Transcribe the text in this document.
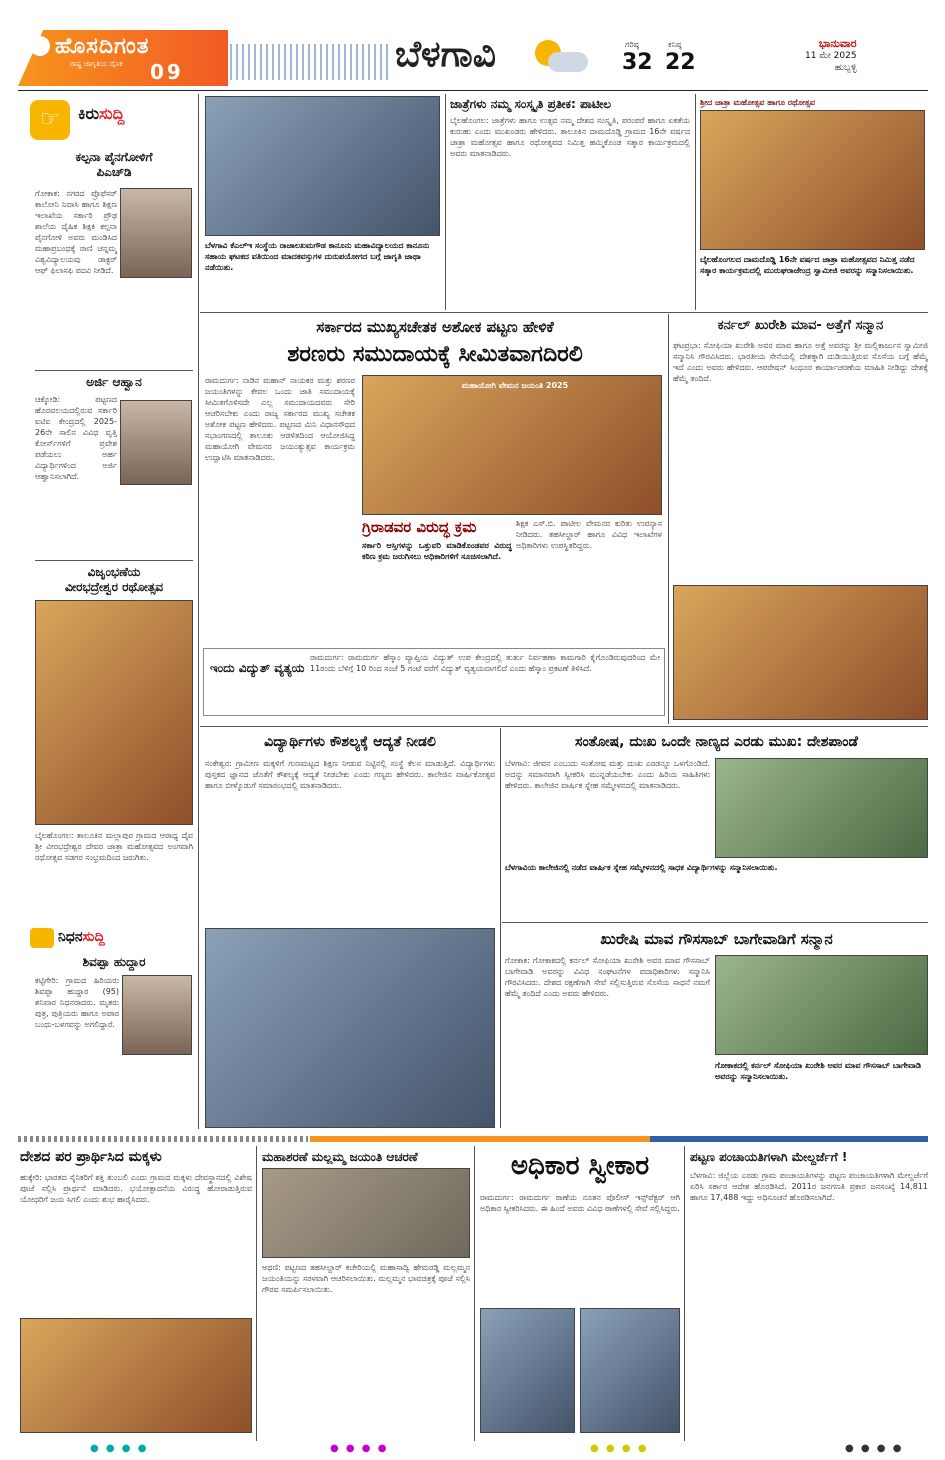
ಹೊಸದಿಗಂತ
ರಾಷ್ಟ್ರ ಜಾಗೃತಿಯ ದೈನಿಕ 09	ಬೆಳಗಾವಿ	ಗರಿಷ್ಠ
32
ಕನಿಷ್ಠ
22
ಭಾನುವಾರ
11 ಮೇ 2025
ಹುಬ್ಬಳ್ಳಿ
☞	ಕಿರುಸುದ್ದಿ
ಕಲ್ಪನಾ ಪೈನಗೋಳಿಗೆ
ಪಿಎಚ್‌ಡಿ
ಗೋಕಾಕ: ನಗರದ ಪ್ರೊಫೆಸರ್ ಕಾಲೋನಿ ನಿವಾಸಿ ಹಾಗೂ ಶಿಕ್ಷಣ ಇಲಾಖೆಯ ಸರ್ಕಾರಿ ಪ್ರೌಢ ಶಾಲೆಯ ದೈಹಿಕ ಶಿಕ್ಷಕಿ ಕಲ್ಪನಾ ಪೈನಗೋಳಿ ಅವರು ಮಂಡಿಸಿದ ಮಹಾಪ್ರಬಂಧಕ್ಕೆ ರಾಣಿ ಚನ್ನಮ್ಮ ವಿಶ್ವವಿದ್ಯಾಲಯವು ಡಾಕ್ಟರ್ ಆಫ್ ಫಿಲಾಸಫಿ ಪದವಿ ನೀಡಿದೆ.
ಅರ್ಜಿ ಆಹ್ವಾನ
ಚಿಕ್ಕೋಡಿ: ಪಟ್ಟಣದ ಹೊರವಲಯದಲ್ಲಿರುವ ಸರ್ಕಾರಿ ಐಟಿಐ ಕೇಂದ್ರದಲ್ಲಿ 2025-26ನೇ ಸಾಲಿನ ವಿವಿಧ ವೃತ್ತಿ ಕೋರ್ಸ್‌ಗಳಿಗೆ ಪ್ರವೇಶ ಪಡೆಯಲು ಅರ್ಹ ವಿದ್ಯಾರ್ಥಿಗಳಿಂದ ಅರ್ಜಿ ಆಹ್ವಾನಿಸಲಾಗಿದೆ.
ವಿಜೃಂಭಣೆಯ
ವೀರಭದ್ರೇಶ್ವರ ರಥೋತ್ಸವ
ಬೈಲಹೊಂಗಲ: ತಾಲೂಕಿನ ಮಲ್ಲಾಪುರ ಗ್ರಾಮದ ಆರಾಧ್ಯ ದೈವ ಶ್ರೀ ವೀರಭದ್ರೇಶ್ವರ ದೇವರ ಜಾತ್ರಾ ಮಹೋತ್ಸವದ ಅಂಗವಾಗಿ ರಥೋತ್ಸವ ಸಡಗರ ಸಂಭ್ರಮದಿಂದ ಜರುಗಿತು.
ನಿಧನಸುದ್ದಿ
ಶಿವಪ್ಪಾ ಹುದ್ದಾರ
ಕಟ್ಟಿಗೇರಿ: ಗ್ರಾಮದ ಹಿರಿಯರು ಶಿವಪ್ಪಾ ಹುದ್ದಾರ (95) ಶನಿವಾರ ನಿಧನರಾದರು. ಮೃತರು ಪುತ್ರ, ಪುತ್ರಿಯರು ಹಾಗೂ ಅಪಾರ ಬಂಧು-ಬಳಗವನ್ನು ಅಗಲಿದ್ದಾರೆ.
ಬೆಳಗಾವಿ ಕೆಎಲ್‌ಇ ಸಂಸ್ಥೆಯ ರಾಜಾಲಖಮಗೌಡ ಕಾನೂನು ಮಹಾವಿದ್ಯಾಲಯದ ಕಾನೂನು ಸಹಾಯ ಘಟಕದ ವತಿಯಿಂದ ಮಾದಕವಸ್ತುಗಳ ದುರುಪಯೋಗದ ಬಗ್ಗೆ ಜಾಗೃತಿ ಜಾಥಾ ನಡೆಯಿತು.
ಜಾತ್ರೆಗಳು ನಮ್ಮ ಸಂಸ್ಕೃತಿ ಪ್ರತೀಕ: ಪಾಟೀಲ
ಬೈಲಹೊಂಗಲ: ಜಾತ್ರೆಗಳು ಹಾಗೂ ಉತ್ಸವ ನಮ್ಮ ದೇಶದ ಸಂಸ್ಕೃತಿ, ಪರಂಪರೆ ಹಾಗೂ ಏಕತೆಯ ಕುರುಹು ಎಂದು ಮುಖಂಡರು ಹೇಳಿದರು. ತಾಲೂಕಿನ ದಾಮದೊಡ್ಡಿ ಗ್ರಾಮದ 16ನೇ ವರ್ಷದ ಜಾತ್ರಾ ಮಹೋತ್ಸವ ಹಾಗೂ ರಥೋತ್ಸವದ ನಿಮಿತ್ತ ಹಮ್ಮಿಕೊಂಡ ಸತ್ಕಾರ ಕಾರ್ಯಕ್ರಮದಲ್ಲಿ ಅವರು ಮಾತನಾಡಿದರು.
ಶ್ರೀದ ಜಾತ್ರಾ ಮಹೋತ್ಸವ ಹಾಗೂ ರಥೋತ್ಸವ
ಬೈಲಹೊಂಗಲದ ದಾಮದೊಡ್ಡಿ 16ನೇ ವರ್ಷದ ಜಾತ್ರಾ ಮಹೋತ್ಸವದ ನಿಮಿತ್ತ ನಡೆದ ಸತ್ಕಾರ ಕಾರ್ಯಕ್ರಮದಲ್ಲಿ ಮುರುಘರಾಜೇಂದ್ರ ಸ್ವಾಮೀಜಿ ಅವರನ್ನು ಸನ್ಮಾನಿಸಲಾಯಿತು.
ಸರ್ಕಾರದ ಮುಖ್ಯಸಚೇತಕ ಅಶೋಕ ಪಟ್ಟಣ ಹೇಳಿಕೆ
ಶರಣರು ಸಮುದಾಯಕ್ಕೆ ಸೀಮಿತವಾಗದಿರಲಿ
ರಾಮದುರ್ಗ: ನಾಡಿನ ಮಹಾನ್ ನಾಯಕರ ಮತ್ತು ಶರಣರ ಜಯಂತಿಗಳನ್ನು ಕೇವಲ ಒಂದು ಜಾತಿ ಸಮುದಾಯಕ್ಕೆ ಸೀಮಿತಗೊಳಿಸದೇ ಎಲ್ಲ ಸಮುದಾಯದವರು ಸೇರಿ ಆಚರಿಸಬೇಕು ಎಂದು ರಾಜ್ಯ ಸರ್ಕಾರದ ಮುಖ್ಯ ಸಚೇತಕ ಅಶೋಕ ಪಟ್ಟಣ ಹೇಳಿದರು. ಪಟ್ಟಣದ ಮಿನಿ ವಿಧಾನಸೌಧದ ಸಭಾಂಗಣದಲ್ಲಿ ತಾಲೂಕು ಆಡಳಿತದಿಂದ ಆಯೋಜಿಸಿದ್ದ ಮಹಾಯೋಗಿ ವೇಮನರ ಜಯಂತ್ಯುತ್ಸವ ಕಾರ್ಯಕ್ರಮ ಉದ್ಘಾಟಿಸಿ ಮಾತನಾಡಿದರು.
ಮಹಾಯೋಗಿ ವೇಮನ ಜಯಂತಿ 2025
ಗ್ರಿರಾಡವರ ವಿರುದ್ಧ ಕ್ರಮ
ಸರ್ಕಾರಿ ಆಸ್ತಿಗಳನ್ನು ಒತ್ತುವರಿ ಮಾಡಿಕೊಂಡವರ ವಿರುದ್ಧ ಕಠಿಣ ಕ್ರಮ ಜರುಗಿಸಲು ಅಧಿಕಾರಿಗಳಿಗೆ ಸೂಚಿಸಲಾಗಿದೆ.
ಶಿಕ್ಷಕ ಎಸ್.ಬಿ. ಪಾಟೀಲ ವೇಮನರ ಕುರಿತು ಉಪನ್ಯಾಸ ನೀಡಿದರು. ತಹಸೀಲ್ದಾರ್ ಹಾಗೂ ವಿವಿಧ ಇಲಾಖೆಗಳ ಅಧಿಕಾರಿಗಳು ಉಪಸ್ಥಿತರಿದ್ದರು.
ಇಂದು ವಿದ್ಯುತ್ ವ್ಯತ್ಯಯ
ರಾಮದುರ್ಗ: ರಾಮದುರ್ಗ ಹೆಸ್ಕಾಂ ವ್ಯಾಪ್ತಿಯ ವಿದ್ಯುತ್ ಉಪ ಕೇಂದ್ರದಲ್ಲಿ ತುರ್ತು ನಿರ್ವಹಣಾ ಕಾಮಗಾರಿ ಕೈಗೊಂಡಿರುವುದರಿಂದ ಮೇ 11ರಂದು ಬೆಳಿಗ್ಗೆ 10 ರಿಂದ ಸಂಜೆ 5 ಗಂಟೆ ವರೆಗೆ ವಿದ್ಯುತ್ ವ್ಯತ್ಯಯವಾಗಲಿದೆ ಎಂದು ಹೆಸ್ಕಾಂ ಪ್ರಕಟಣೆ ತಿಳಿಸಿದೆ.
ಕರ್ನಲ್ ಖುರೇಶಿ ಮಾವ- ಅತ್ತೆಗೆ ಸನ್ಮಾನ
ಘಟಪ್ರಭಾ: ಸೋಫಿಯಾ ಖುರೇಶಿ ಅವರ ಮಾವ ಹಾಗೂ ಅತ್ತೆ ಅವರನ್ನು ಶ್ರೀ ಮಲ್ಲಿಕಾರ್ಜುನ ಸ್ವಾಮೀಜಿ ಸನ್ಮಾನಿಸಿ ಗೌರವಿಸಿದರು. ಭಾರತೀಯ ಸೇನೆಯಲ್ಲಿ ದೇಶಕ್ಕಾಗಿ ದುಡಿಯುತ್ತಿರುವ ಸೊಸೆಯ ಬಗ್ಗೆ ಹೆಮ್ಮೆ ಇದೆ ಎಂದು ಅವರು ಹೇಳಿದರು. ಆಪರೇಷನ್ ಸಿಂಧೂರ ಕಾರ್ಯಾಚರಣೆಯ ಮಾಹಿತಿ ನೀಡಿದ್ದು ದೇಶಕ್ಕೆ ಹೆಮ್ಮೆ ತಂದಿದೆ.
ವಿದ್ಯಾರ್ಥಿಗಳು ಕೌಶಲ್ಯಕ್ಕೆ ಆದ್ಯತೆ ನೀಡಲಿ
ಸಂಕೇಶ್ವರ: ಗ್ರಾಮೀಣ ಮಕ್ಕಳಿಗೆ ಗುಣಮಟ್ಟದ ಶಿಕ್ಷಣ ನೀಡುವ ನಿಟ್ಟಿನಲ್ಲಿ ಸಂಸ್ಥೆ ಕೆಲಸ ಮಾಡುತ್ತಿದೆ. ವಿದ್ಯಾರ್ಥಿಗಳು ಪುಸ್ತಕದ ಜ್ಞಾನದ ಜೊತೆಗೆ ಕೌಶಲ್ಯಕ್ಕೆ ಆದ್ಯತೆ ನೀಡಬೇಕು ಎಂದು ಗಣ್ಯರು ಹೇಳಿದರು. ಕಾಲೇಜಿನ ವಾರ್ಷಿಕೋತ್ಸವ ಹಾಗೂ ಬೀಳ್ಕೊಡುಗೆ ಸಮಾರಂಭದಲ್ಲಿ ಮಾತನಾಡಿದರು.
ಸಂತೋಷ, ದುಃಖ ಒಂದೇ ನಾಣ್ಯದ ಎರಡು ಮುಖ: ದೇಶಪಾಂಡೆ
ಬೆಳಗಾವಿ: ಜೀವನ ಎಂಬುದು ಸಂತೋಷ ಮತ್ತು ದುಃಖ ಎರಡನ್ನೂ ಒಳಗೊಂಡಿದೆ. ಅದನ್ನು ಸಮಾನವಾಗಿ ಸ್ವೀಕರಿಸಿ ಮುನ್ನಡೆಯಬೇಕು ಎಂದು ಹಿರಿಯ ಸಾಹಿತಿಗಳು ಹೇಳಿದರು. ಕಾಲೇಜಿನ ವಾರ್ಷಿಕ ಸ್ನೇಹ ಸಮ್ಮೇಳನದಲ್ಲಿ ಮಾತನಾಡಿದರು.
ಬೆಳಗಾವಿಯ ಕಾಲೇಜಿನಲ್ಲಿ ನಡೆದ ವಾರ್ಷಿಕ ಸ್ನೇಹ ಸಮ್ಮೇಳನದಲ್ಲಿ ಸಾಧಕ ವಿದ್ಯಾರ್ಥಿಗಳನ್ನು ಸನ್ಮಾನಿಸಲಾಯಿತು.
ಖುರೇಷಿ ಮಾವ ಗೌಸಸಾಬ್ ಬಾಗೇವಾಡಿಗೆ ಸನ್ಮಾನ
ಗೋಕಾಕ: ಗೋಕಾಕದಲ್ಲಿ ಕರ್ನಲ್ ಸೋಫಿಯಾ ಖುರೇಶಿ ಅವರ ಮಾವ ಗೌಸಸಾಬ್ ಬಾಗೇವಾಡಿ ಅವರನ್ನು ವಿವಿಧ ಸಂಘಟನೆಗಳ ಪದಾಧಿಕಾರಿಗಳು ಸನ್ಮಾನಿಸಿ ಗೌರವಿಸಿದರು. ದೇಶದ ರಕ್ಷಣೆಗಾಗಿ ಸೇವೆ ಸಲ್ಲಿಸುತ್ತಿರುವ ಸೊಸೆಯ ಸಾಧನೆ ನಮಗೆ ಹೆಮ್ಮೆ ತಂದಿದೆ ಎಂದು ಅವರು ಹೇಳಿದರು.
ಗೋಕಾಕದಲ್ಲಿ ಕರ್ನಲ್ ಸೋಫಿಯಾ ಖುರೇಶಿ ಅವರ ಮಾವ ಗೌಸಸಾಬ್ ಬಾಗೇವಾಡಿ ಅವರನ್ನು ಸನ್ಮಾನಿಸಲಾಯಿತು.
ದೇಶದ ಪರ ಪ್ರಾರ್ಥಿಸಿದ ಮಕ್ಕಳು
ಹುಕ್ಕೇರಿ: ಭಾರತದ ಸೈನಿಕರಿಗೆ ಶಕ್ತಿ ತುಂಬಲಿ ಎಂದು ಗ್ರಾಮದ ಮಕ್ಕಳು ದೇವಸ್ಥಾನದಲ್ಲಿ ವಿಶೇಷ ಪೂಜೆ ಸಲ್ಲಿಸಿ ಪ್ರಾರ್ಥನೆ ಮಾಡಿದರು. ಭಯೋತ್ಪಾದನೆಯ ವಿರುದ್ಧ ಹೋರಾಡುತ್ತಿರುವ ಯೋಧರಿಗೆ ಜಯ ಸಿಗಲಿ ಎಂದು ಶುಭ ಹಾರೈಸಿದರು.
ಮಹಾಶರಣೆ ಮಲ್ಲಮ್ಮ ಜಯಂತಿ ಆಚರಣೆ
ಅಥಣಿ: ಪಟ್ಟಣದ ತಹಸೀಲ್ದಾರ್ ಕಚೇರಿಯಲ್ಲಿ ಮಹಾಸಾದ್ವಿ ಹೇಮರಡ್ಡಿ ಮಲ್ಲಮ್ಮನ ಜಯಂತಿಯನ್ನು ಸರಳವಾಗಿ ಆಚರಿಸಲಾಯಿತು. ಮಲ್ಲಮ್ಮನ ಭಾವಚಿತ್ರಕ್ಕೆ ಪೂಜೆ ಸಲ್ಲಿಸಿ ಗೌರವ ಸಮರ್ಪಿಸಲಾಯಿತು.
ಅಧಿಕಾರ ಸ್ವೀಕಾರ
ರಾಮದುರ್ಗ: ರಾಮದುರ್ಗ ಠಾಣೆಯ ನೂತನ ಪೊಲೀಸ್ ಇನ್ಸ್‌ಪೆಕ್ಟರ್ ಆಗಿ ಅಧಿಕಾರ ಸ್ವೀಕರಿಸಿದರು. ಈ ಹಿಂದೆ ಅವರು ವಿವಿಧ ಠಾಣೆಗಳಲ್ಲಿ ಸೇವೆ ಸಲ್ಲಿಸಿದ್ದರು.
ಪಟ್ಟಣ ಪಂಚಾಯತಿಗಳಾಗಿ ಮೇಲ್ದರ್ಜೆಗೆ !
ಬೆಳಗಾವಿ: ಜಿಲ್ಲೆಯ ಎರಡು ಗ್ರಾಮ ಪಂಚಾಯತಿಗಳನ್ನು ಪಟ್ಟಣ ಪಂಚಾಯತಿಗಳಾಗಿ ಮೇಲ್ದರ್ಜೆಗೆ ಏರಿಸಿ ಸರ್ಕಾರ ಆದೇಶ ಹೊರಡಿಸಿದೆ. 2011ರ ಜನಗಣತಿ ಪ್ರಕಾರ ಜನಸಂಖ್ಯೆ 14,811 ಹಾಗೂ 17,488 ಇದ್ದು ಅಧಿಸೂಚನೆ ಹೊರಡಿಸಲಾಗಿದೆ.
● ● ● ●	● ● ● ●	● ● ● ●	● ● ● ●
